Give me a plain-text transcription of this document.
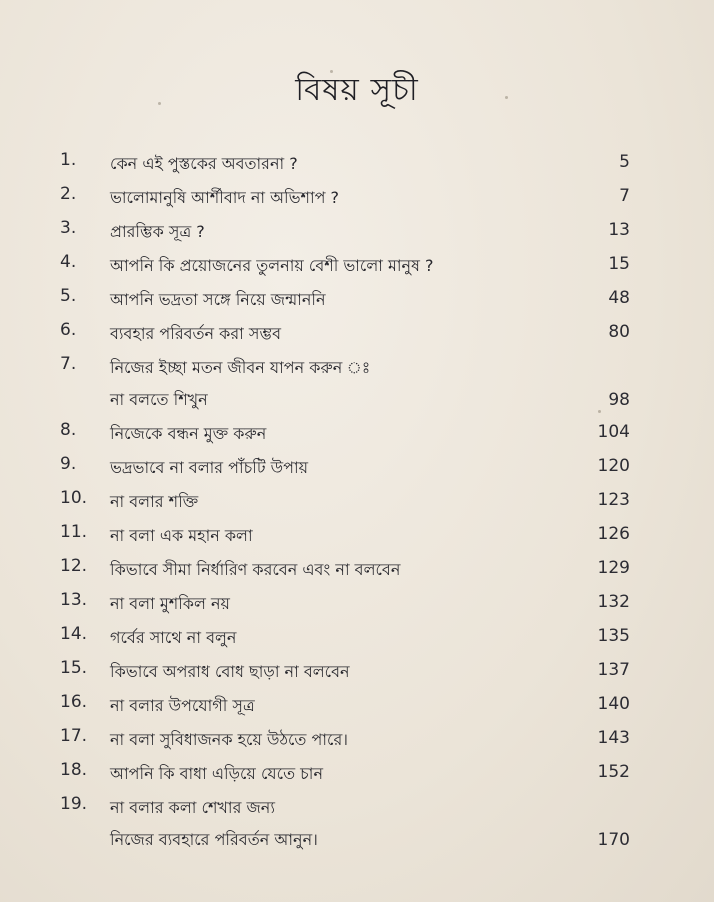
বিষয় সূচী
1.	কেন এই পুস্তকের অবতারনা ?	5
2.	ভালোমানুষি আর্শীবাদ না অভিশাপ ?	7
3.	প্রারম্ভিক সূত্র ?	13
4.	আপনি কি প্রয়োজনের তুলনায় বেশী ভালো মানুষ ?	15
5.	আপনি ভদ্রতা সঙ্গে নিয়ে জন্মাননি	48
6.	ব্যবহার পরিবর্তন করা সম্ভব	80
7.	নিজের ইচ্ছা মতন জীবন যাপন করুন ঃ
না বলতে শিখুন	98
8.	নিজেকে বন্ধন মুক্ত করুন	104
9.	ভদ্রভাবে না বলার পাঁচটি উপায়	120
10.	না বলার শক্তি	123
11.	না বলা এক মহান কলা	126
12.	কিভাবে সীমা নির্ধারিণ করবেন এবং না বলবেন	129
13.	না বলা মুশকিল নয়	132
14.	গর্বের সাথে না বলুন	135
15.	কিভাবে অপরাধ বোধ ছাড়া না বলবেন	137
16.	না বলার উপযোগী সূত্র	140
17.	না বলা সুবিধাজনক হয়ে উঠতে পারে।	143
18.	আপনি কি বাধা এড়িয়ে যেতে চান	152
19.	না বলার কলা শেখার জন্য
নিজের ব্যবহারে পরিবর্তন আনুন।	170
